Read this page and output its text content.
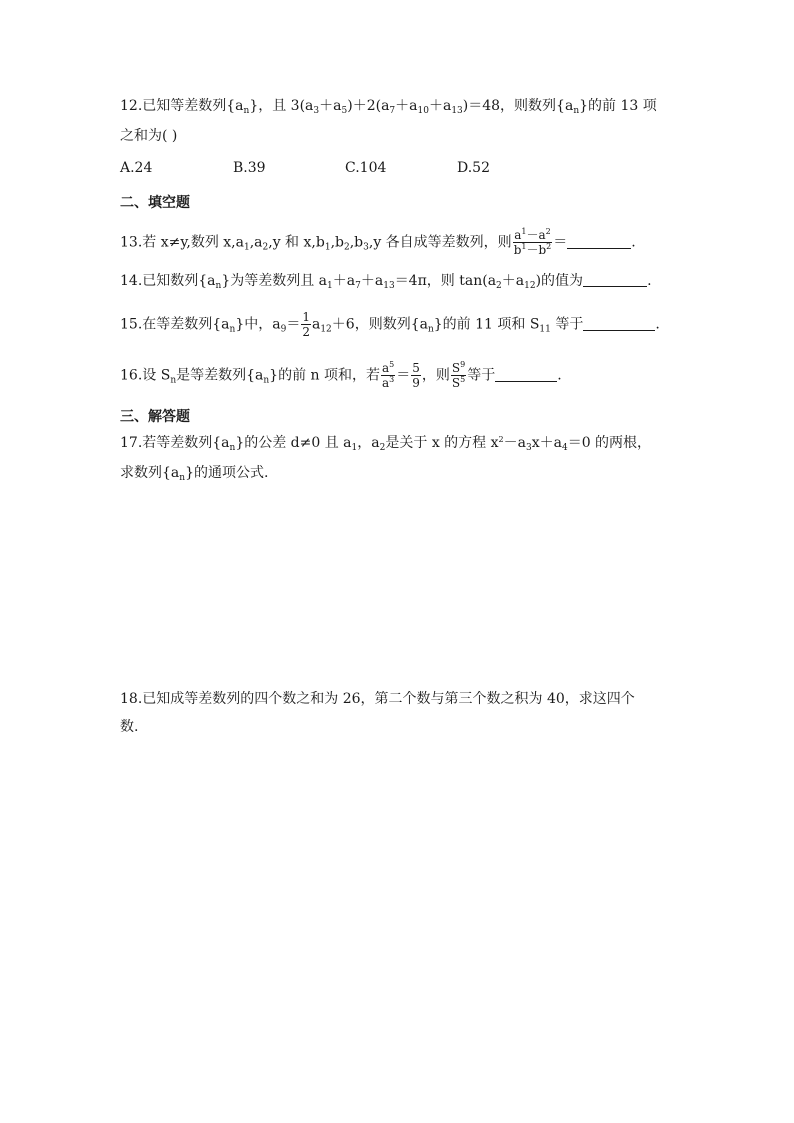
12.已知等差数列$\{a_n\}$，且 $3(a_3+a_5)+2(a_7+a_{10}+a_{13})=48$，则数列$\{a_n\}$的前 13 项
之和为( )
A.24	B.39	C.104	D.52
二、填空题
13.若 x≠y,数列 $x,a_1,a_2,y$ 和 $x,b_1,b_2,b_3,y$ 各自成等差数列，则 $\frac{a^1-a^2}{b^1-b^2}$ ＝	.
14.已知数列$\{a_n\}$为等差数列且 $a_1+a_7+a_{13}=4\pi$，则 $\tan(a_2+a_{12})$的值为	.
15.在等差数列$\{a_n\}$中，$a_9= \frac{1}{2} a_{12}+6$，则数列$\{a_n\}$的前 11 项和 $S_{11}$ 等于	.
16.设 $S_n$是等差数列$\{a_n\}$的前 n 项和，若 $\frac{a^5}{a^3} = \frac{5}{9}$ ，则 $\frac{S^9}{S^5}$ 等于	.
三、解答题
17.若等差数列$\{a_n\}$的公差 d≠0 且 $a_1$，$a_2$是关于 x 的方程 $x^2-a_3x+a_4=0$ 的两根，
求数列$\{a_n\}$的通项公式.
18.已知成等差数列的四个数之和为 26，第二个数与第三个数之积为 40，求这四个
数.
